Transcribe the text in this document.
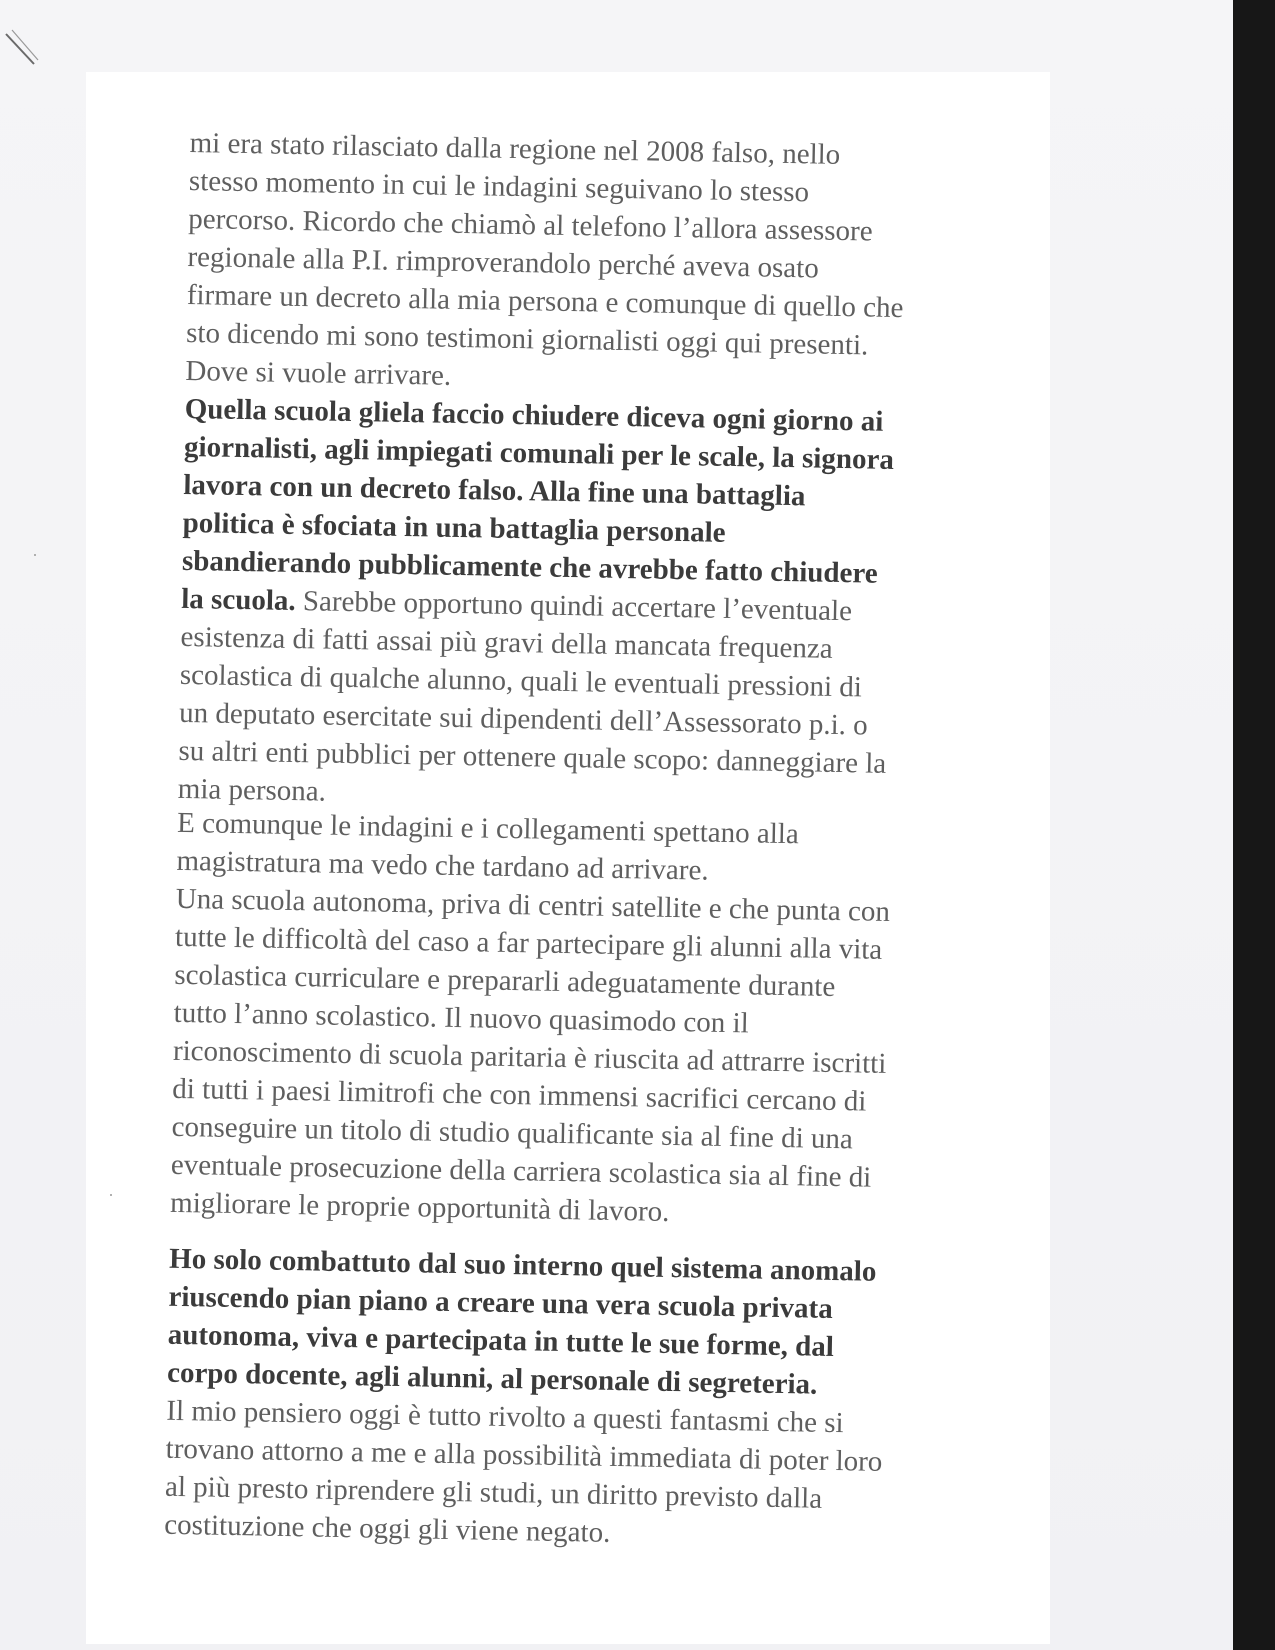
mi era stato rilasciato dalla regione nel 2008 falso, nello
stesso momento in cui le indagini seguivano lo stesso
percorso. Ricordo che chiamò al telefono l’allora assessore
regionale alla P.I. rimproverandolo perché aveva osato
firmare un decreto alla mia persona e comunque di quello che
sto dicendo mi sono testimoni giornalisti oggi qui presenti.
Dove si vuole arrivare.
Quella scuola gliela faccio chiudere diceva ogni giorno ai
giornalisti, agli impiegati comunali per le scale, la signora
lavora con un decreto falso. Alla fine una battaglia
politica è sfociata in una battaglia personale
sbandierando pubblicamente che avrebbe fatto chiudere
la scuola. Sarebbe opportuno quindi accertare l’eventuale
esistenza di fatti assai più gravi della mancata frequenza
scolastica di qualche alunno, quali le eventuali pressioni di
un deputato esercitate sui dipendenti dell’Assessorato p.i. o
su altri enti pubblici per ottenere quale scopo: danneggiare la
mia persona.
E comunque le indagini e i collegamenti spettano alla
magistratura ma vedo che tardano ad arrivare.
Una scuola autonoma, priva di centri satellite e che punta con
tutte le difficoltà del caso a far partecipare gli alunni alla vita
scolastica curriculare e prepararli adeguatamente durante
tutto l’anno scolastico. Il nuovo quasimodo con il
riconoscimento di scuola paritaria è riuscita ad attrarre iscritti
di tutti i paesi limitrofi che con immensi sacrifici cercano di
conseguire un titolo di studio qualificante sia al fine di una
eventuale prosecuzione della carriera scolastica sia al fine di
migliorare le proprie opportunità di lavoro.
Ho solo combattuto dal suo interno quel sistema anomalo
riuscendo pian piano a creare una vera scuola privata
autonoma, viva e partecipata in tutte le sue forme, dal
corpo docente, agli alunni, al personale di segreteria.
Il mio pensiero oggi è tutto rivolto a questi fantasmi che si
trovano attorno a me e alla possibilità immediata di poter loro
al più presto riprendere gli studi, un diritto previsto dalla
costituzione che oggi gli viene negato.
